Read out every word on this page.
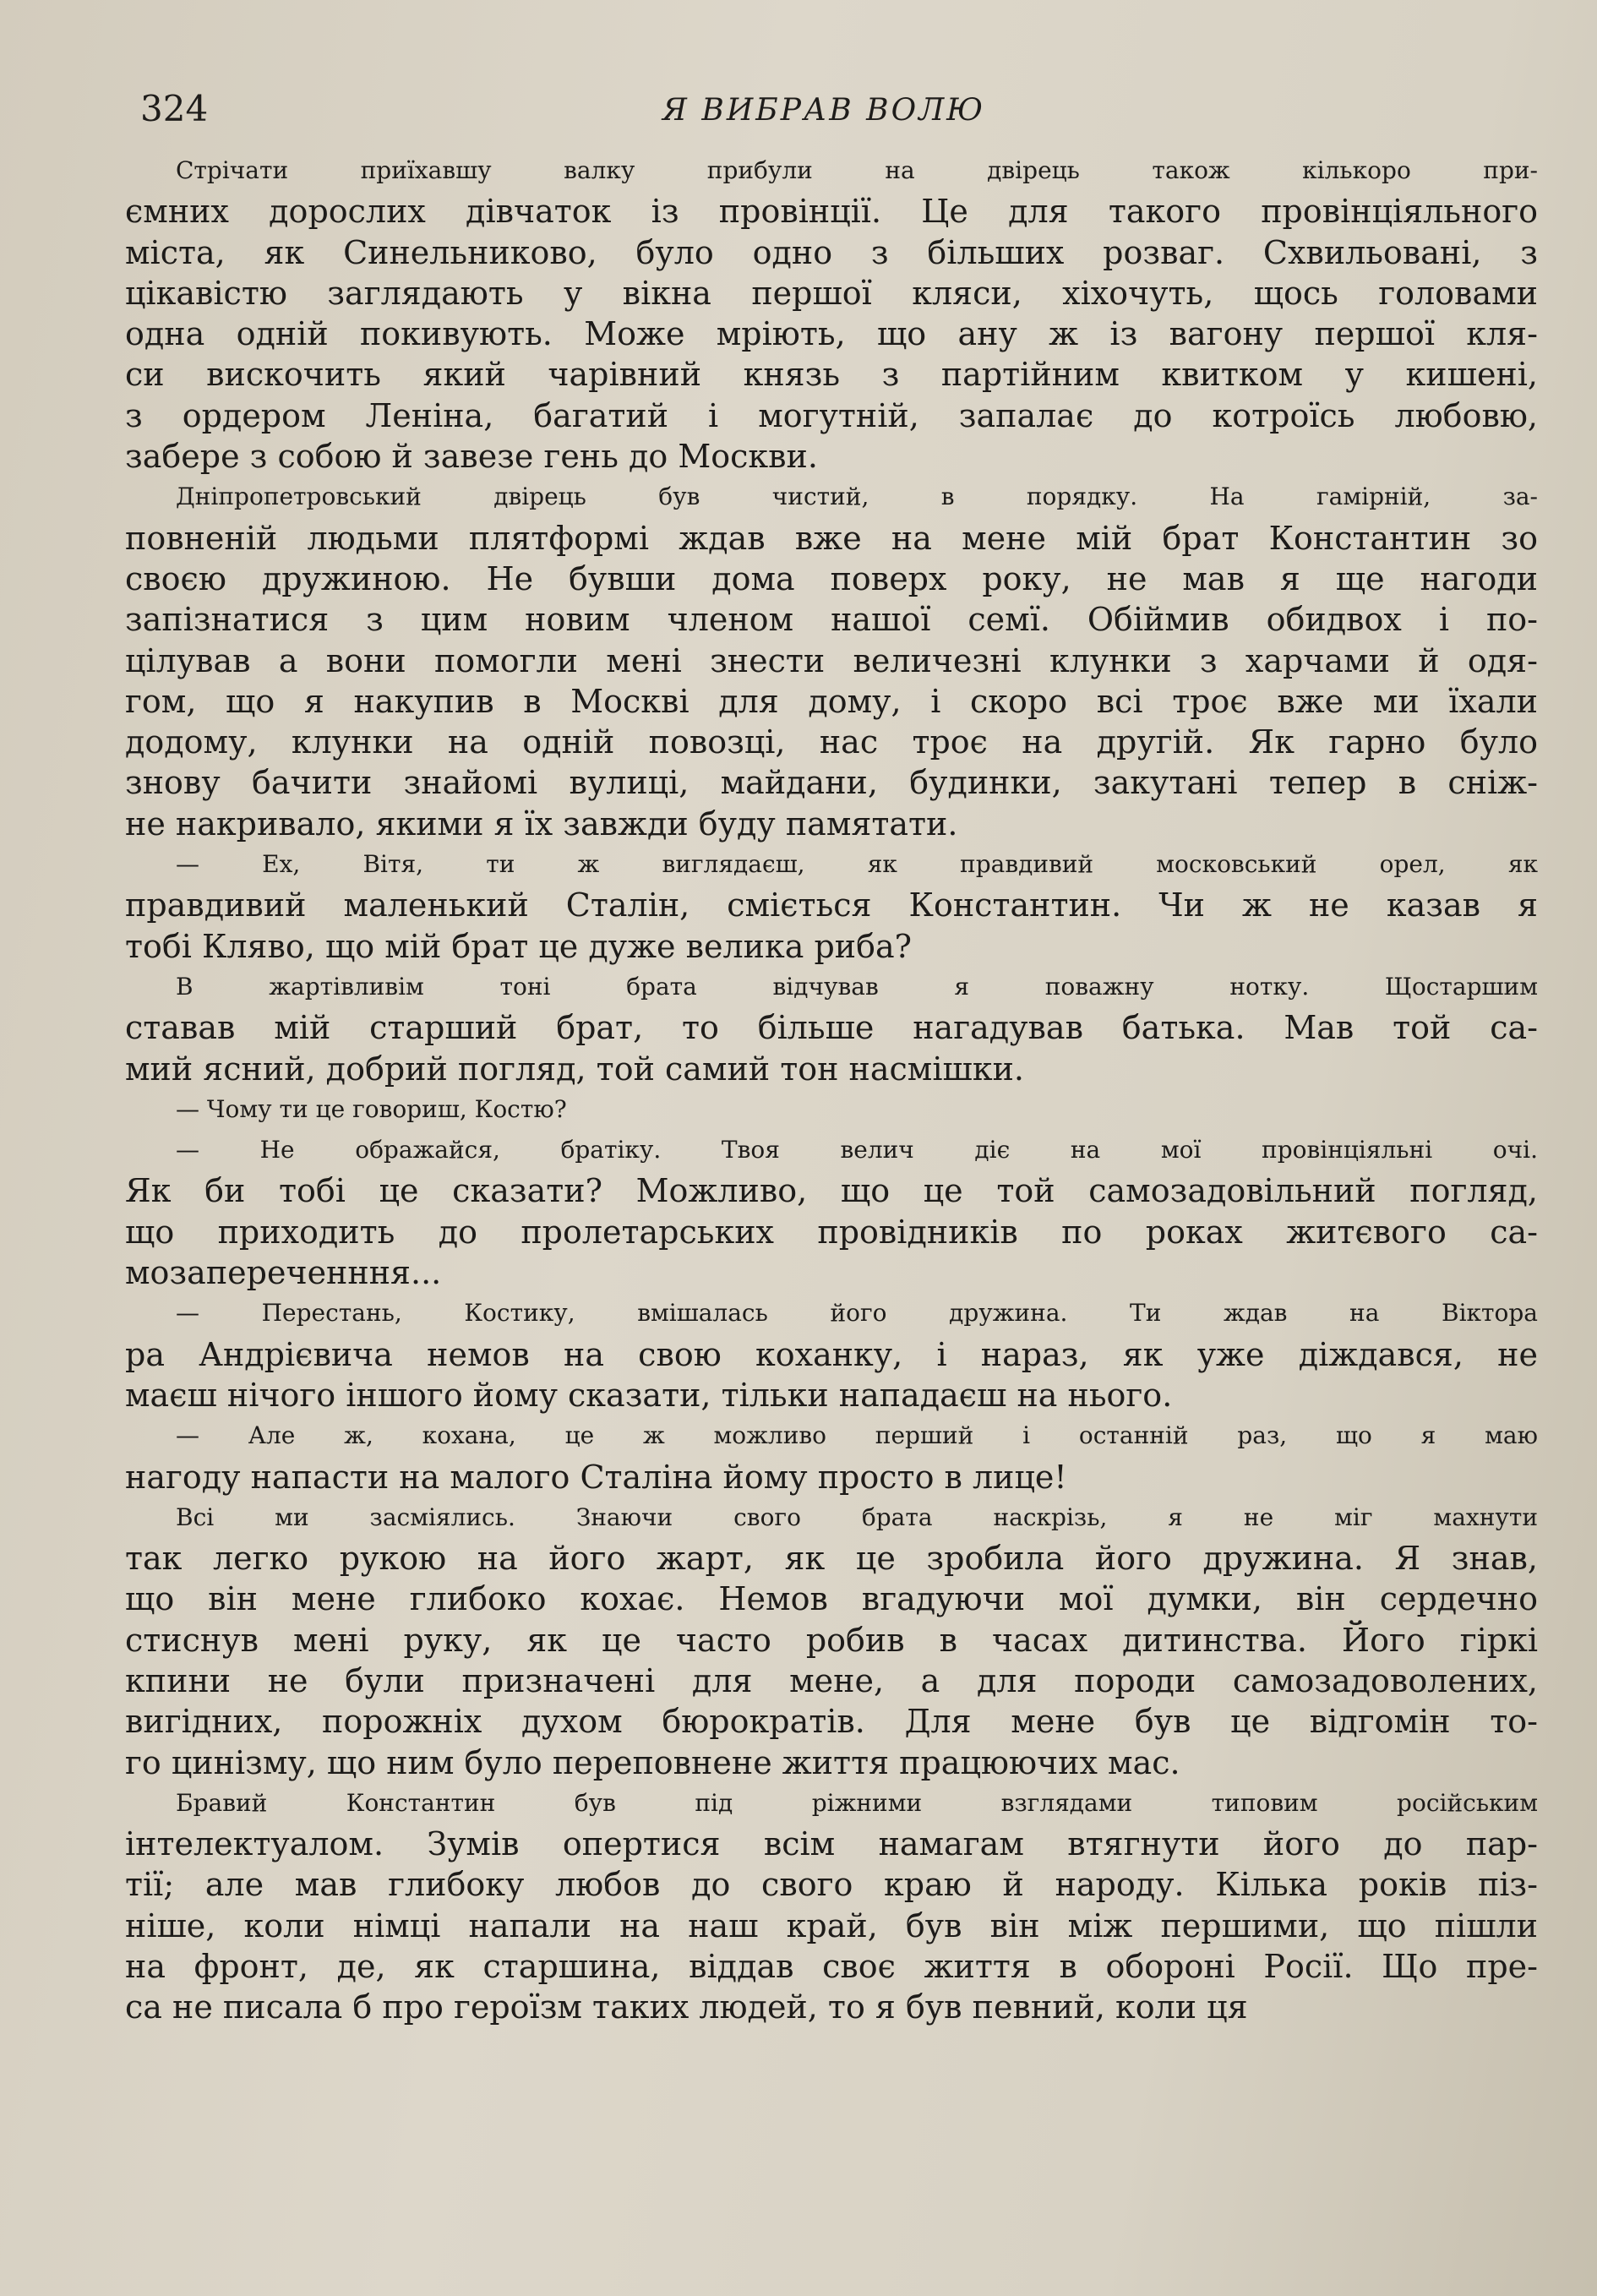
324	Я ВИБРАВ ВОЛЮ
Стрічати приїхавшу валку прибули на двірець також кількоро при-
ємних дорослих дівчаток із провінції. Це для такого провінціяльного
міста, як Синельниково, було одно з більших розваг. Схвильовані, з
цікавістю заглядають у вікна першої кляси, хіхочуть, щось головами
одна одній покивують. Може мріють, що ану ж із вагону першої кля-
си вискочить який чарівний князь з партійним квитком у кишені,
з ордером Леніна, багатий і могутній, запалає до котроїсь любовю,
забере з собою й завезе гень до Москви.
Дніпропетровський двірець був чистий, в порядку. На гамірній, за-
повненій людьми плятформі ждав вже на мене мій брат Константин зо
своєю дружиною. Не бувши дома поверх року, не мав я ще нагоди
запізнатися з цим новим членом нашої семї. Обіймив обидвох і по-
цілував а вони помогли мені знести величезні клунки з харчами й одя-
гом, що я накупив в Москві для дому, і скоро всі троє вже ми їхали
додому, клунки на одній повозці, нас троє на другій. Як гарно було
знову бачити знайомі вулиці, майдани, будинки, закутані тепер в сніж-
не накривало, якими я їх завжди буду памятати.
— Ех, Вітя, ти ж виглядаєш, як правдивий московський орел, як
правдивий маленький Сталін, сміється Константин. Чи ж не казав я
тобі Кляво, що мій брат це дуже велика риба?
В жартівливім тоні брата відчував я поважну нотку. Щостаршим
ставав мій старший брат, то більше нагадував батька. Мав той са-
мий ясний, добрий погляд, той самий тон насмішки.
— Чому ти це говориш, Костю?
— Не ображайся, братіку. Твоя велич діє на мої провінціяльні очі.
Як би тобі це сказати? Можливо, що це той самозадовільний погляд,
що приходить до пролетарських провідників по роках житєвого са-
мозапереченння...
— Перестань, Костику, вмішалась його дружина. Ти ждав на Віктора
ра Андрієвича немов на свою коханку, і нараз, як уже діждався, не
маєш нічого іншого йому сказати, тільки нападаєш на нього.
— Але ж, кохана, це ж можливо перший і останній раз, що я маю
нагоду напасти на малого Сталіна йому просто в лице!
Всі ми засміялись. Знаючи свого брата наскрізь, я не міг махнути
так легко рукою на його жарт, як це зробила його дружина. Я знав,
що він мене глибоко кохає. Немов вгадуючи мої думки, він сердечно
стиснув мені руку, як це часто робив в часах дитинства. Його гіркі
кпини не були призначені для мене, а для породи самозадоволених,
вигідних, порожніх духом бюрократів. Для мене був це відгомін то-
го цинізму, що ним було переповнене життя працюючих мас.
Бравий Константин був під ріжними взглядами типовим російським
інтелектуалом. Зумів опертися всім намагам втягнути його до пар-
тії; але мав глибоку любов до свого краю й народу. Кілька років піз-
ніше, коли німці напали на наш край, був він між першими, що пішли
на фронт, де, як старшина, віддав своє життя в обороні Росії. Що пре-
са не писала б про героїзм таких людей, то я був певний, коли ця
